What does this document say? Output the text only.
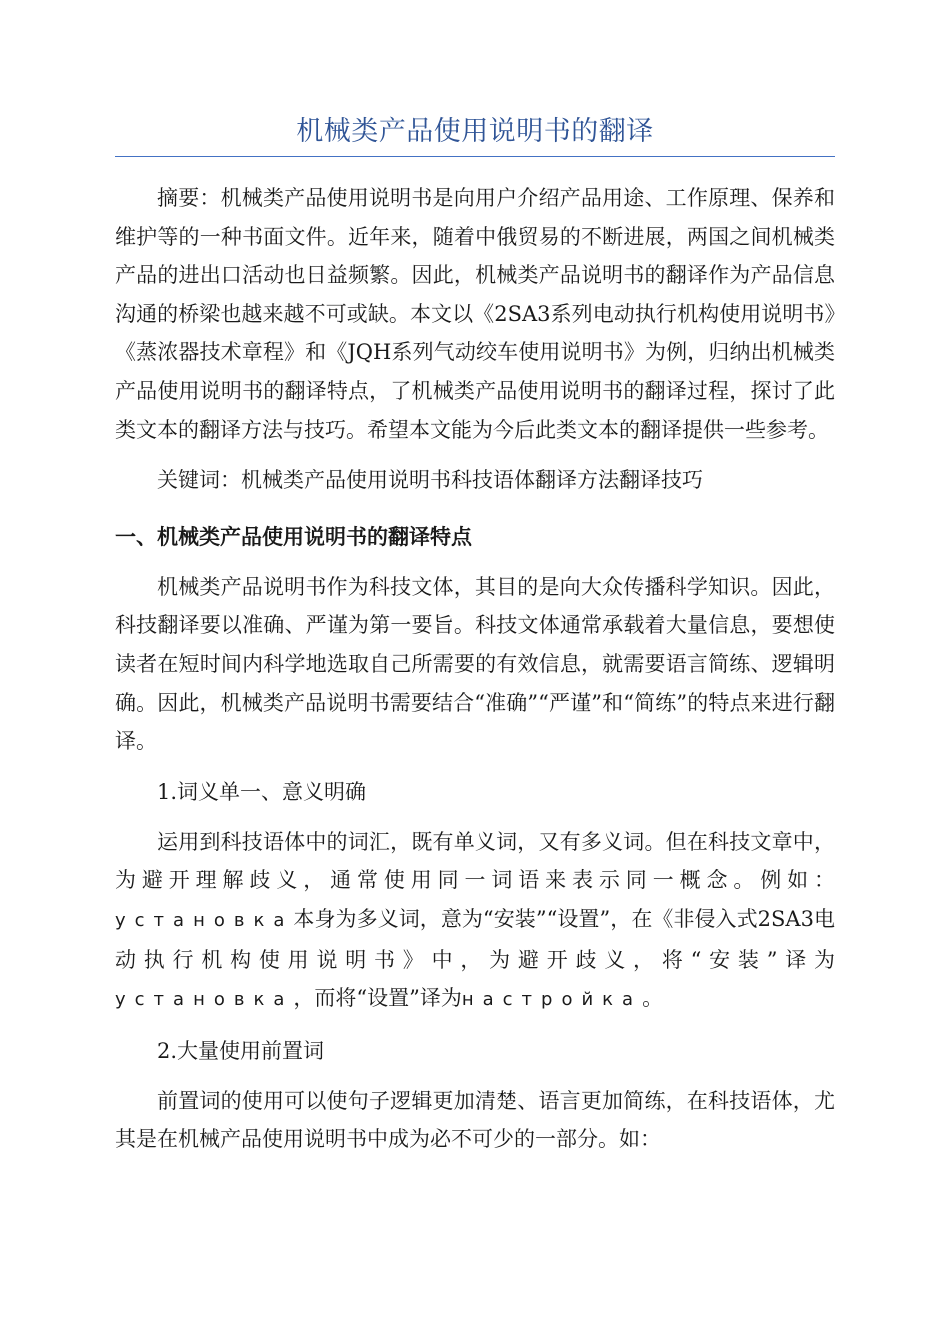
机械类产品使用说明书的翻译

摘要：机械类产品使用说明书是向用户介绍产品用途、工作原理、保养和维护等的一种书面文件。近年来，随着中俄贸易的不断进展，两国之间机械类产品的进出口活动也日益频繁。因此，机械类产品说明书的翻译作为产品信息沟通的桥梁也越来越不可或缺。本文以《2SA3系列电动执行机构使用说明书》《蒸浓器技术章程》和《JQH系列气动绞车使用说明书》为例，归纳出机械类产品使用说明书的翻译特点，了机械类产品使用说明书的翻译过程，探讨了此类文本的翻译方法与技巧。希望本文能为今后此类文本的翻译提供一些参考。

关键词：机械类产品使用说明书科技语体翻译方法翻译技巧

一、机械类产品使用说明书的翻译特点

机械类产品说明书作为科技文体，其目的是向大众传播科学知识。因此，科技翻译要以准确、严谨为第一要旨。科技文体通常承载着大量信息，要想使读者在短时间内科学地选取自己所需要的有效信息，就需要语言简练、逻辑明确。因此，机械类产品说明书需要结合“准确”“严谨”和“简练”的特点来进行翻译。

1.词义单一、意义明确

运用到科技语体中的词汇，既有单义词，又有多义词。但在科技文章中，为避开理解歧义，通常使用同一词语来表示同一概念。例如：установка本身为多义词，意为“安装”“设置”，在《非侵入式2SA3电动执行机构使用说明书》中，为避开歧义，将“安装”译为установка，而将“设置”译为настройка。

2.大量使用前置词

前置词的使用可以使句子逻辑更加清楚、语言更加简练，在科技语体，尤其是在机械产品使用说明书中成为必不可少的一部分。如：
